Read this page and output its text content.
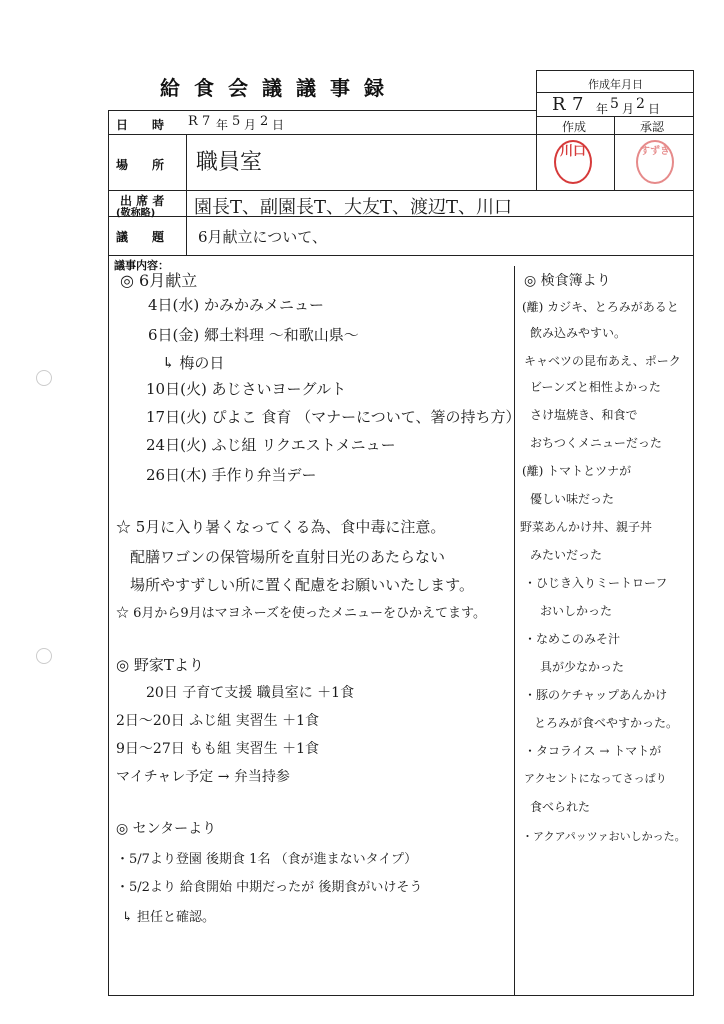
給食会議議事録	作成年月日
R 7 年 5 月 2 日
作成	承認
川口	すずき
日　　時 R 7 年 5 月 2 日
場　　所 職員室
出 席 者
(敬称略) 園長T、副園長T、大友T、渡辺T、川口
議　　題 6月献立について、
議事内容：
◎ 6月献立
4日(水) かみかみメニュー
6日(金) 郷土料理 ～和歌山県～
↳ 梅の日
10日(火) あじさいヨーグルト
17日(火) ぴよこ 食育 （マナーについて、箸の持ち方）
24日(火) ふじ組 リクエストメニュー
26日(木) 手作り弁当デー
☆ 5月に入り暑くなってくる為、食中毒に注意。
配膳ワゴンの保管場所を直射日光のあたらない
場所やすずしい所に置く配慮をお願いいたします。
☆ 6月から9月はマヨネーズを使ったメニューをひかえてます。
◎ 野家Tより
20日 子育て支援 職員室に ＋1食
2日～20日 ふじ組 実習生 ＋1食
9日～27日 もも組 実習生 ＋1食
マイチャレ予定 → 弁当持参
◎ センターより
・5/7より登園 後期食 1名 （食が進まないタイプ）
・5/2より 給食開始 中期だったが 後期食がいけそう
↳ 担任と確認。
◎ 検食簿より
(離) カジキ、とろみがあると
飲み込みやすい。
キャベツの昆布あえ、ポーク
ビーンズと相性よかった
さけ塩焼き、和食で
おちつくメニューだった
(離) トマトとツナが
優しい味だった
野菜あんかけ丼、親子丼
みたいだった
・ひじき入りミートローフ
おいしかった
・なめこのみそ汁
具が少なかった
・豚のケチャップあんかけ
とろみが食べやすかった。
・タコライス → トマトが
アクセントになってさっぱり
食べられた
・アクアパッツァおいしかった。
